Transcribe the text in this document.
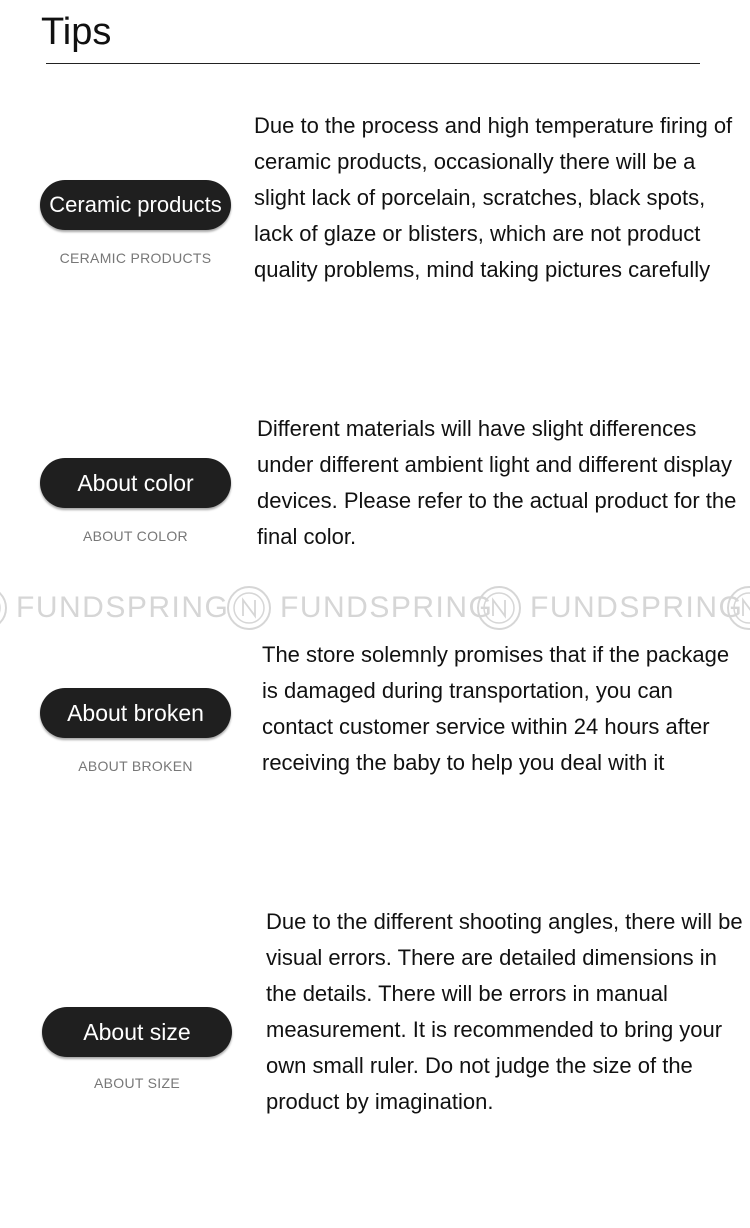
Tips
Ceramic products
CERAMIC PRODUCTS
Due to the process and high temperature firing of ceramic products, occasionally there will be a slight lack of porcelain, scratches, black spots, lack of glaze or blisters, which are not product quality problems, mind taking pictures carefully
About color
ABOUT COLOR
Different materials will have slight differences under different ambient light and different display devices. Please refer to the actual product for the final color.
FUNDSPRING FUNDSPRING FUNDSPRING
About broken
ABOUT BROKEN
The store solemnly promises that if the package is damaged during transportation, you can contact customer service within 24 hours after receiving the baby to help you deal with it
About size
ABOUT SIZE
Due to the different shooting angles, there will be visual errors. There are detailed dimensions in the details. There will be errors in manual measurement. It is recommended to bring your own small ruler. Do not judge the size of the product by imagination.
